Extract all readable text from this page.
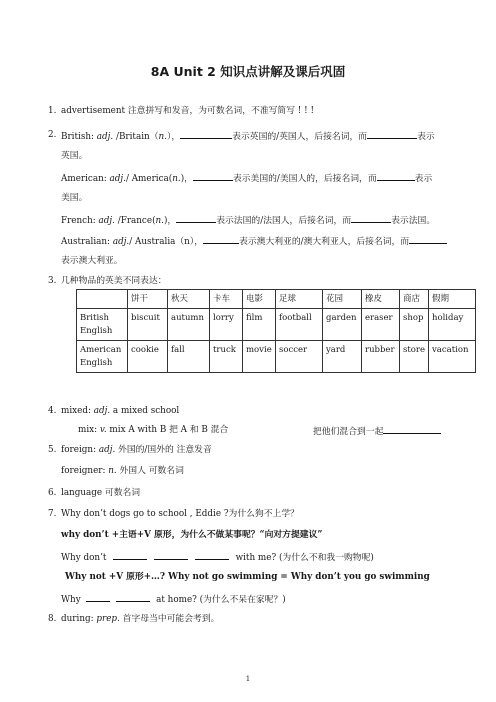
8A Unit 2 知识点讲解及课后巩固
1. advertisement 注意拼写和发音，为可数名词，不准写简写 ! ! !
2. British: adj. /Britain（n.），	表示英国的/英国人，后接名词，而	表示
英国。
American: adj./ America(n.)，	表示美国的/美国人的，后接名词，而	表示
美国。
French: adj. /France(n.)，	表示法国的/法国人，后接名词，而	表示法国。
Australian: adj./ Australia（n），	表示澳大利亚的/澳大利亚人，后接名词，而
表示澳大利亚。
3. 几种物品的英美不同表达：
	饼干	秋天	卡车	电影	足球	花园	橡皮	商店	假期
British English	biscuit	autumn	lorry	film	football	garden	eraser	shop	holiday
American English	cookie	fall	truck	movie	soccer	yard	rubber	store	vacation
4. mixed: adj. a mixed school
mix: v. mix A with B 把 A 和 B 混合	把他们混合到一起
5. foreign: adj. 外国的/国外的 注意发音
foreigner: n. 外国人 可数名词
6. language 可数名词
7. Why don’t dogs go to school , Eddie ?为什么狗不上学？
why don’t +主语+V 原形，为什么不做某事呢？“向对方提建议”
Why don’t	with me? (为什么不和我一购物呢)
Why not +V 原形+…? Why not go swimming = Why don’t you go swimming
Why	at home? (为什么不呆在家呢？)
8. during: prep. 首字母当中可能会考到。
1
